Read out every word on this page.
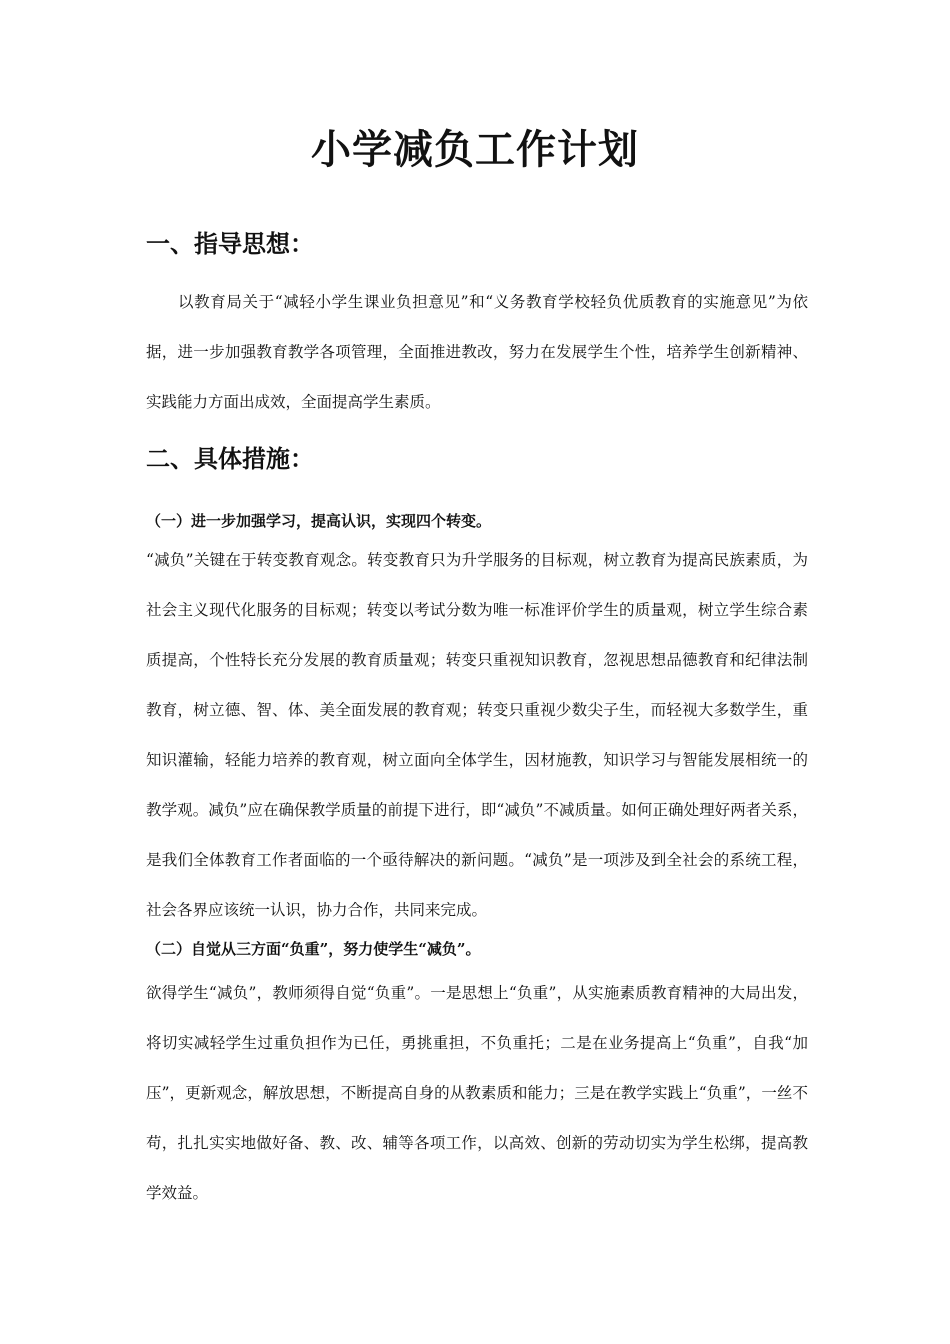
小学减负工作计划
一、指导思想：

以教育局关于“减轻小学生课业负担意见”和“义务教育学校轻负优质教育的实施意见”为依据，进一步加强教育教学各项管理，全面推进教改，努力在发展学生个性，培养学生创新精神、实践能力方面出成效，全面提高学生素质。

二、具体措施：
（一）进一步加强学习，提高认识，实现四个转变。

“减负”关键在于转变教育观念。转变教育只为升学服务的目标观，树立教育为提高民族素质，为社会主义现代化服务的目标观；转变以考试分数为唯一标准评价学生的质量观，树立学生综合素质提高，个性特长充分发展的教育质量观；转变只重视知识教育，忽视思想品德教育和纪律法制教育，树立德、智、体、美全面发展的教育观；转变只重视少数尖子生，而轻视大多数学生，重知识灌输，轻能力培养的教育观，树立面向全体学生，因材施教，知识学习与智能发展相统一的教学观。减负”应在确保教学质量的前提下进行，即“减负”不减质量。如何正确处理好两者关系，是我们全体教育工作者面临的一个亟待解决的新问题。“减负”是一项涉及到全社会的系统工程，社会各界应该统一认识，协力合作，共同来完成。

（二）自觉从三方面“负重”，努力使学生“减负”。

欲得学生“减负”，教师须得自觉“负重”。一是思想上“负重”，从实施素质教育精神的大局出发，将切实减轻学生过重负担作为已任，勇挑重担，不负重托；二是在业务提高上“负重”，自我“加压”，更新观念，解放思想，不断提高自身的从教素质和能力；三是在教学实践上“负重”，一丝不苟，扎扎实实地做好备、教、改、辅等各项工作，以高效、创新的劳动切实为学生松绑，提高教学效益。
